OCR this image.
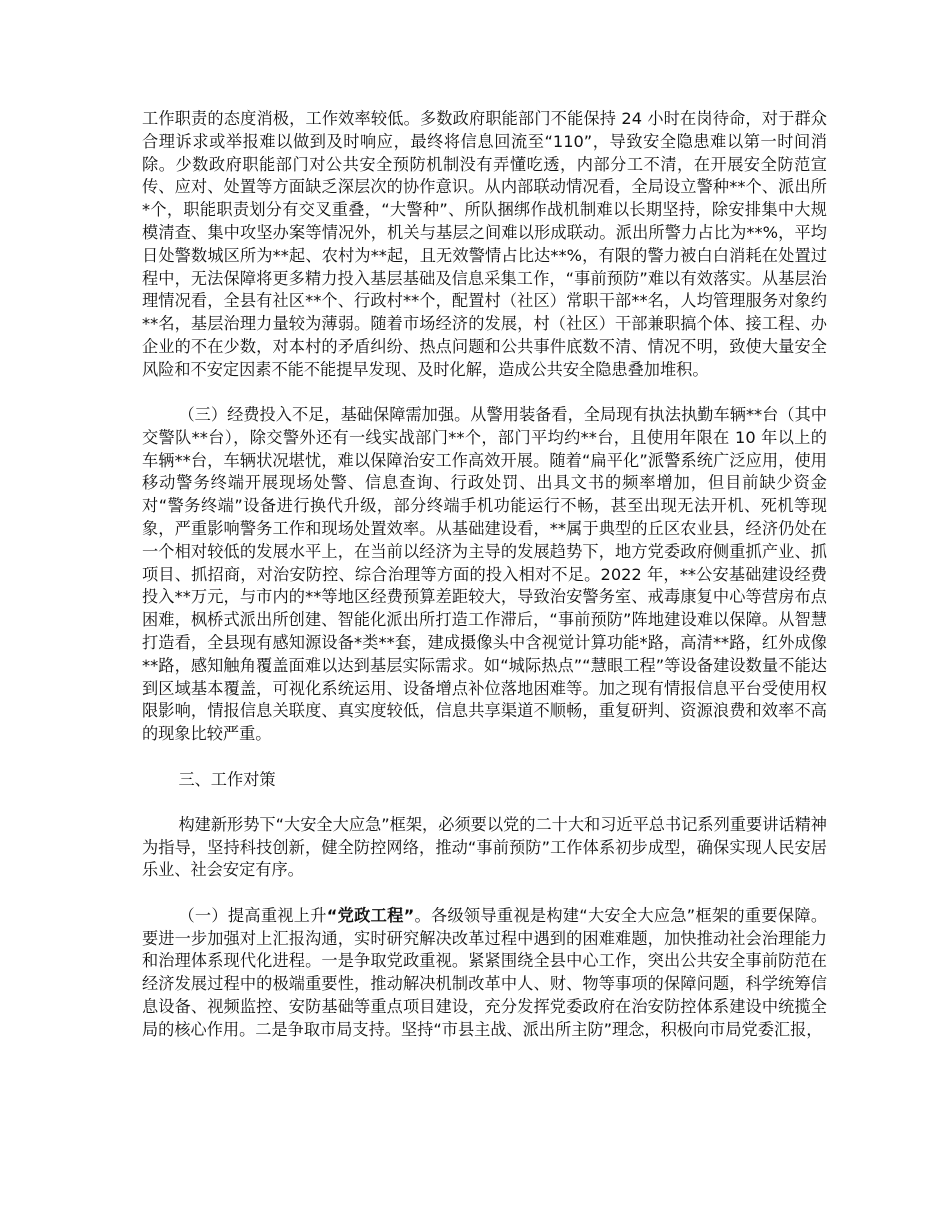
工作职责的态度消极，工作效率较低。多数政府职能部门不能保持 24 小时在岗待命，对于群众合理诉求或举报难以做到及时响应，最终将信息回流至“110”，导致安全隐患难以第一时间消除。少数政府职能部门对公共安全预防机制没有弄懂吃透，内部分工不清，在开展安全防范宣传、应对、处置等方面缺乏深层次的协作意识。从内部联动情况看，全局设立警种**个、派出所*个，职能职责划分有交叉重叠，“大警种”、所队捆绑作战机制难以长期坚持，除安排集中大规模清查、集中攻坚办案等情况外，机关与基层之间难以形成联动。派出所警力占比为**%，平均日处警数城区所为**起、农村为**起，且无效警情占比达**%，有限的警力被白白消耗在处置过程中，无法保障将更多精力投入基层基础及信息采集工作，“事前预防”难以有效落实。从基层治理情况看，全县有社区**个、行政村**个，配置村（社区）常职干部**名，人均管理服务对象约**名，基层治理力量较为薄弱。随着市场经济的发展，村（社区）干部兼职搞个体、接工程、办企业的不在少数，对本村的矛盾纠纷、热点问题和公共事件底数不清、情况不明，致使大量安全风险和不安定因素不能不能提早发现、及时化解，造成公共安全隐患叠加堆积。

（三）经费投入不足，基础保障需加强。从警用装备看，全局现有执法执勤车辆**台（其中交警队**台），除交警外还有一线实战部门**个，部门平均约**台，且使用年限在 10 年以上的车辆**台，车辆状况堪忧，难以保障治安工作高效开展。随着“扁平化”派警系统广泛应用，使用移动警务终端开展现场处警、信息查询、行政处罚、出具文书的频率增加，但目前缺少资金对“警务终端”设备进行换代升级，部分终端手机功能运行不畅，甚至出现无法开机、死机等现象，严重影响警务工作和现场处置效率。从基础建设看，**属于典型的丘区农业县，经济仍处在一个相对较低的发展水平上，在当前以经济为主导的发展趋势下，地方党委政府侧重抓产业、抓项目、抓招商，对治安防控、综合治理等方面的投入相对不足。2022 年，**公安基础建设经费投入**万元，与市内的**等地区经费预算差距较大，导致治安警务室、戒毒康复中心等营房布点困难，枫桥式派出所创建、智能化派出所打造工作滞后，“事前预防”阵地建设难以保障。从智慧打造看，全县现有感知源设备*类**套，建成摄像头中含视觉计算功能*路，高清**路，红外成像**路，感知触角覆盖面难以达到基层实际需求。如“城际热点”“慧眼工程”等设备建设数量不能达到区域基本覆盖，可视化系统运用、设备增点补位落地困难等。加之现有情报信息平台受使用权限影响，情报信息关联度、真实度较低，信息共享渠道不顺畅，重复研判、资源浪费和效率不高的现象比较严重。

三、工作对策

构建新形势下“大安全大应急”框架，必须要以党的二十大和习近平总书记系列重要讲话精神为指导，坚持科技创新，健全防控网络，推动“事前预防”工作体系初步成型，确保实现人民安居乐业、社会安定有序。

（一）提高重视上升“党政工程”。各级领导重视是构建“大安全大应急”框架的重要保障。要进一步加强对上汇报沟通，实时研究解决改革过程中遇到的困难难题，加快推动社会治理能力和治理体系现代化进程。一是争取党政重视。紧紧围绕全县中心工作，突出公共安全事前防范在经济发展过程中的极端重要性，推动解决机制改革中人、财、物等事项的保障问题，科学统筹信息设备、视频监控、安防基础等重点项目建设，充分发挥党委政府在治安防控体系建设中统揽全局的核心作用。二是争取市局支持。坚持“市县主战、派出所主防”理念，积极向市局党委汇报，
